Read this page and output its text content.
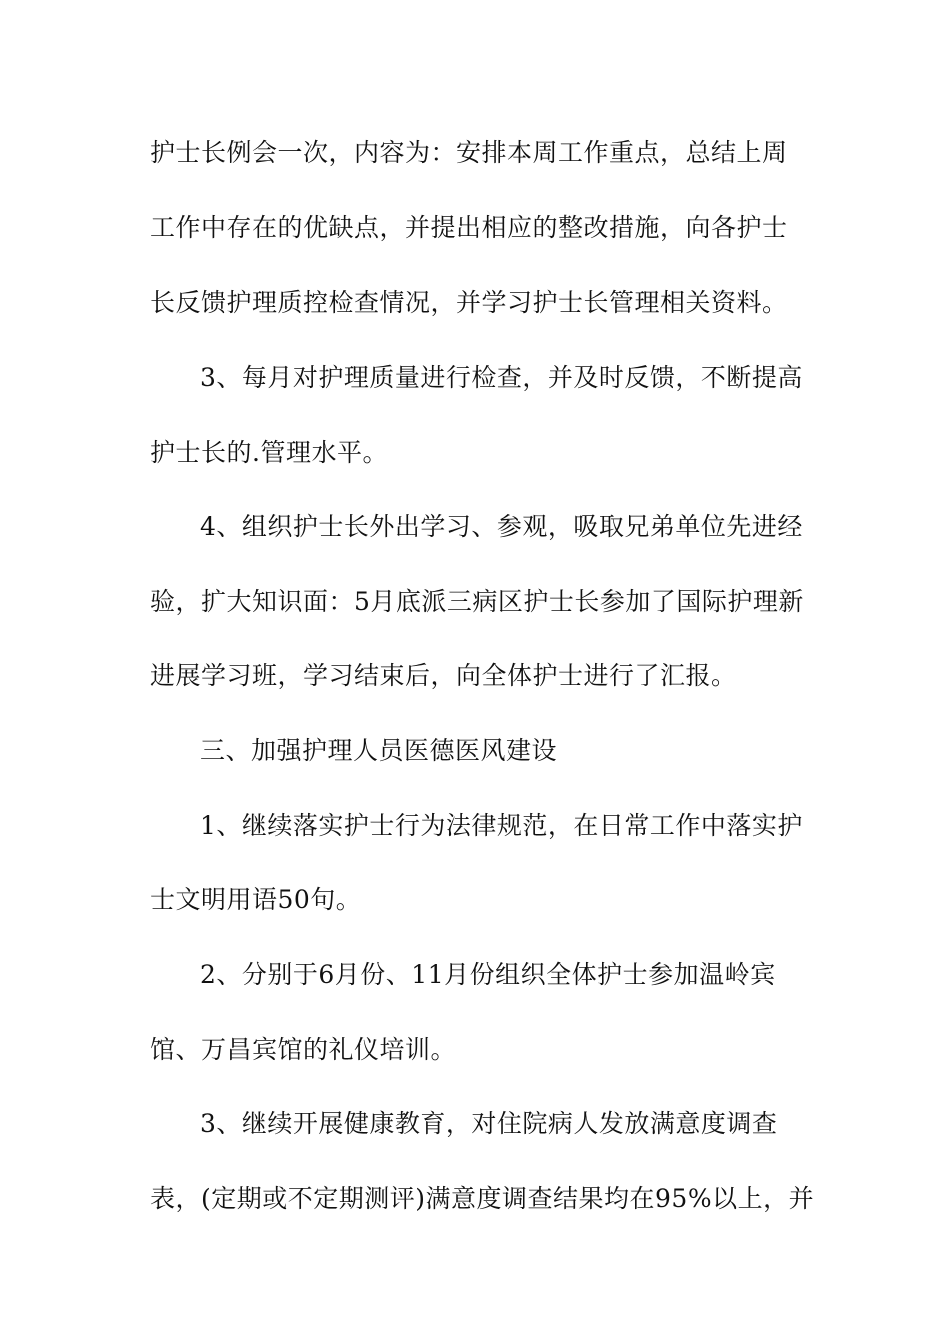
护士长例会一次，内容为：安排本周工作重点，总结上周
工作中存在的优缺点，并提出相应的整改措施，向各护士
长反馈护理质控检查情况，并学习护士长管理相关资料。
3、每月对护理质量进行检查，并及时反馈，不断提高
护士长的.管理水平。
4、组织护士长外出学习、参观，吸取兄弟单位先进经
验，扩大知识面：5月底派三病区护士长参加了国际护理新
进展学习班，学习结束后，向全体护士进行了汇报。
三、加强护理人员医德医风建设
1、继续落实护士行为法律规范，在日常工作中落实护
士文明用语50句。
2、分别于6月份、11月份组织全体护士参加温岭宾
馆、万昌宾馆的礼仪培训。
3、继续开展健康教育，对住院病人发放满意度调查
表，(定期或不定期测评)满意度调查结果均在95%以上，并
